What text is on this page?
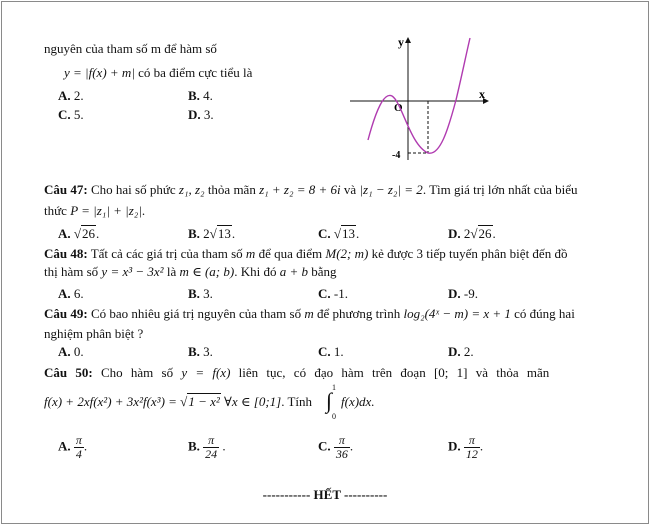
nguyên của tham số m để hàm số
y = |f(x) + m| có ba điểm cực tiểu là
A. 2.	B. 4.
C. 5.	D. 3.
y
x
O
-4
Câu 47: Cho hai số phức z₁, z₂ thỏa mãn z₁ + z₂ = 8 + 6i và |z₁ − z₂| = 2. Tìm giá trị lớn nhất của biểu
thức P = |z₁| + |z₂|.
A. √26.	B. 2√13.	C. √13.	D. 2√26.
Câu 48: Tất cả các giá trị của tham số m để qua điểm M(2; m) kẻ được 3 tiếp tuyến phân biệt đến đồ
thị hàm số y = x³ − 3x² là m ∈ (a; b). Khi đó a + b bằng
A. 6.	B. 3.	C. -1.	D. -9.
Câu 49: Có bao nhiêu giá trị nguyên của tham số m để phương trình log₂(4ˣ − m) = x + 1 có đúng hai
nghiệm phân biệt ?
A. 0.	B. 3.	C. 1.	D. 2.
Câu 50: Cho hàm số y = f(x) liên tục, có đạo hàm trên đoạn [0; 1] và thỏa mãn
f(x) + 2xf(x²) + 3x²f(x³) = √1 − x² ∀x ∈ [0;1]. Tính
1
∫
0
f(x)dx.
A. $\frac{\pi}{4}$ .	B. $\frac{\pi}{24}$ .	C. $\frac{\pi}{36}$ .	D. $\frac{\pi}{12}$ .
----------- HẾT ----------
